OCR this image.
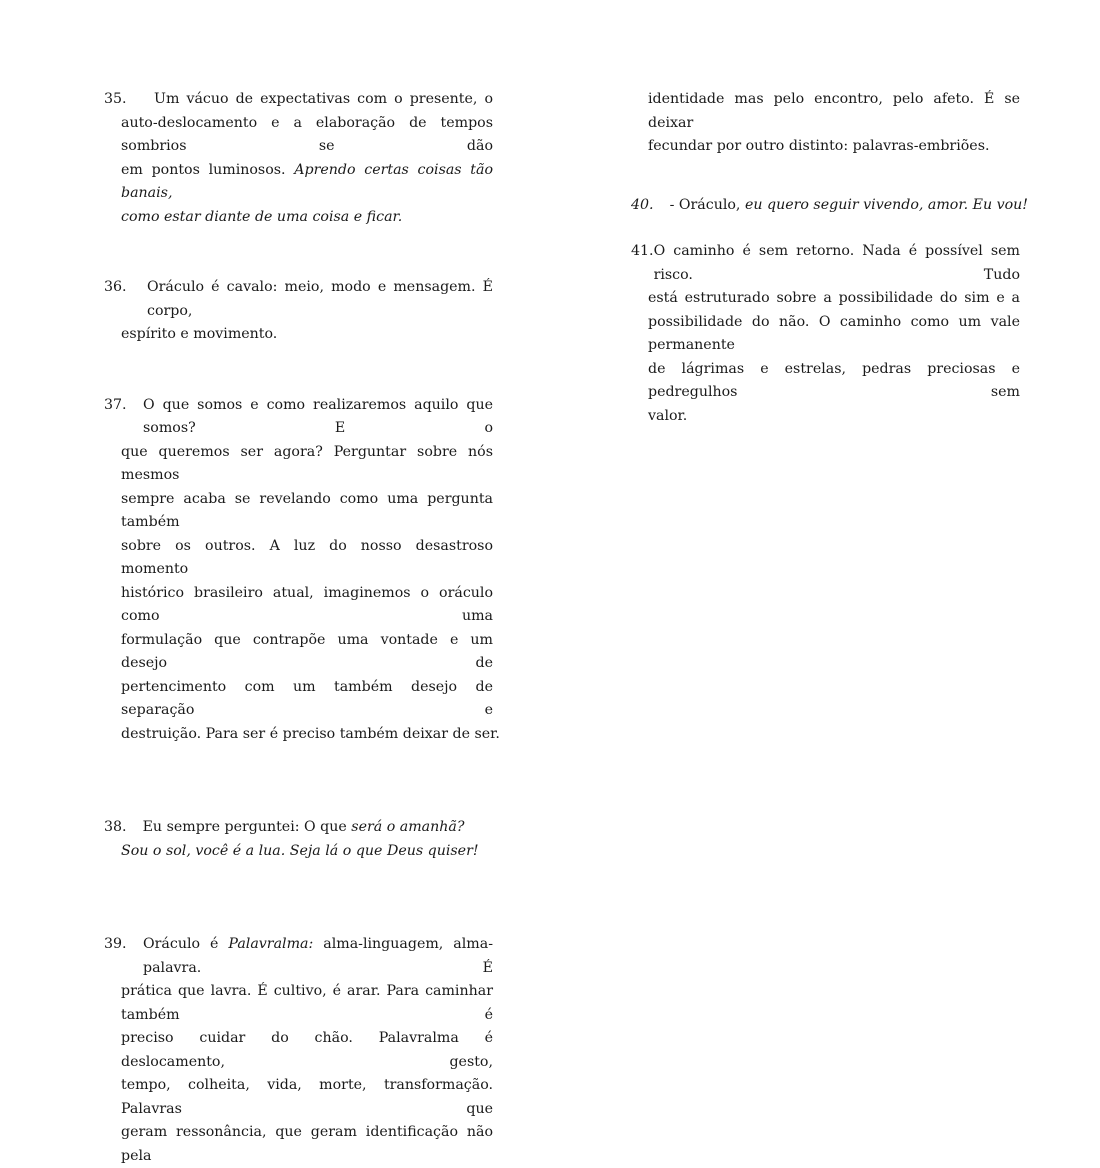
35. Um vácuo de expectativas com o presente, o
auto-deslocamento e a elaboração de tempos sombrios se dão
em pontos luminosos. Aprendo certas coisas tão banais,
como estar diante de uma coisa e ficar.
36. Oráculo é cavalo: meio, modo e mensagem. É corpo,
espírito e movimento.
37. O que somos e como realizaremos aquilo que somos? E o
que queremos ser agora? Perguntar sobre nós mesmos
sempre acaba se revelando como uma pergunta também
sobre os outros. A luz do nosso desastroso momento
histórico brasileiro atual, imaginemos o oráculo como uma
formulação que contrapõe uma vontade e um desejo de
pertencimento com um também desejo de separação e
destruição. Para ser é preciso também deixar de ser.
38. Eu sempre perguntei: O que será o amanhã?
Sou o sol, você é a lua. Seja lá o que Deus quiser!
39. Oráculo é Palavralma: alma-linguagem, alma-palavra. É
prática que lavra. É cultivo, é arar. Para caminhar também é
preciso cuidar do chão. Palavralma é deslocamento, gesto,
tempo, colheita, vida, morte, transformação. Palavras que
geram ressonância, que geram identificação não pela
identidade mas pelo encontro, pelo afeto. É se deixar
fecundar por outro distinto: palavras-embriões.
40. - Oráculo, eu quero seguir vivendo, amor. Eu vou!
41. O caminho é sem retorno. Nada é possível sem risco. Tudo
está estruturado sobre a possibilidade do sim e a
possibilidade do não. O caminho como um vale permanente
de lágrimas e estrelas, pedras preciosas e pedregulhos sem
valor.
